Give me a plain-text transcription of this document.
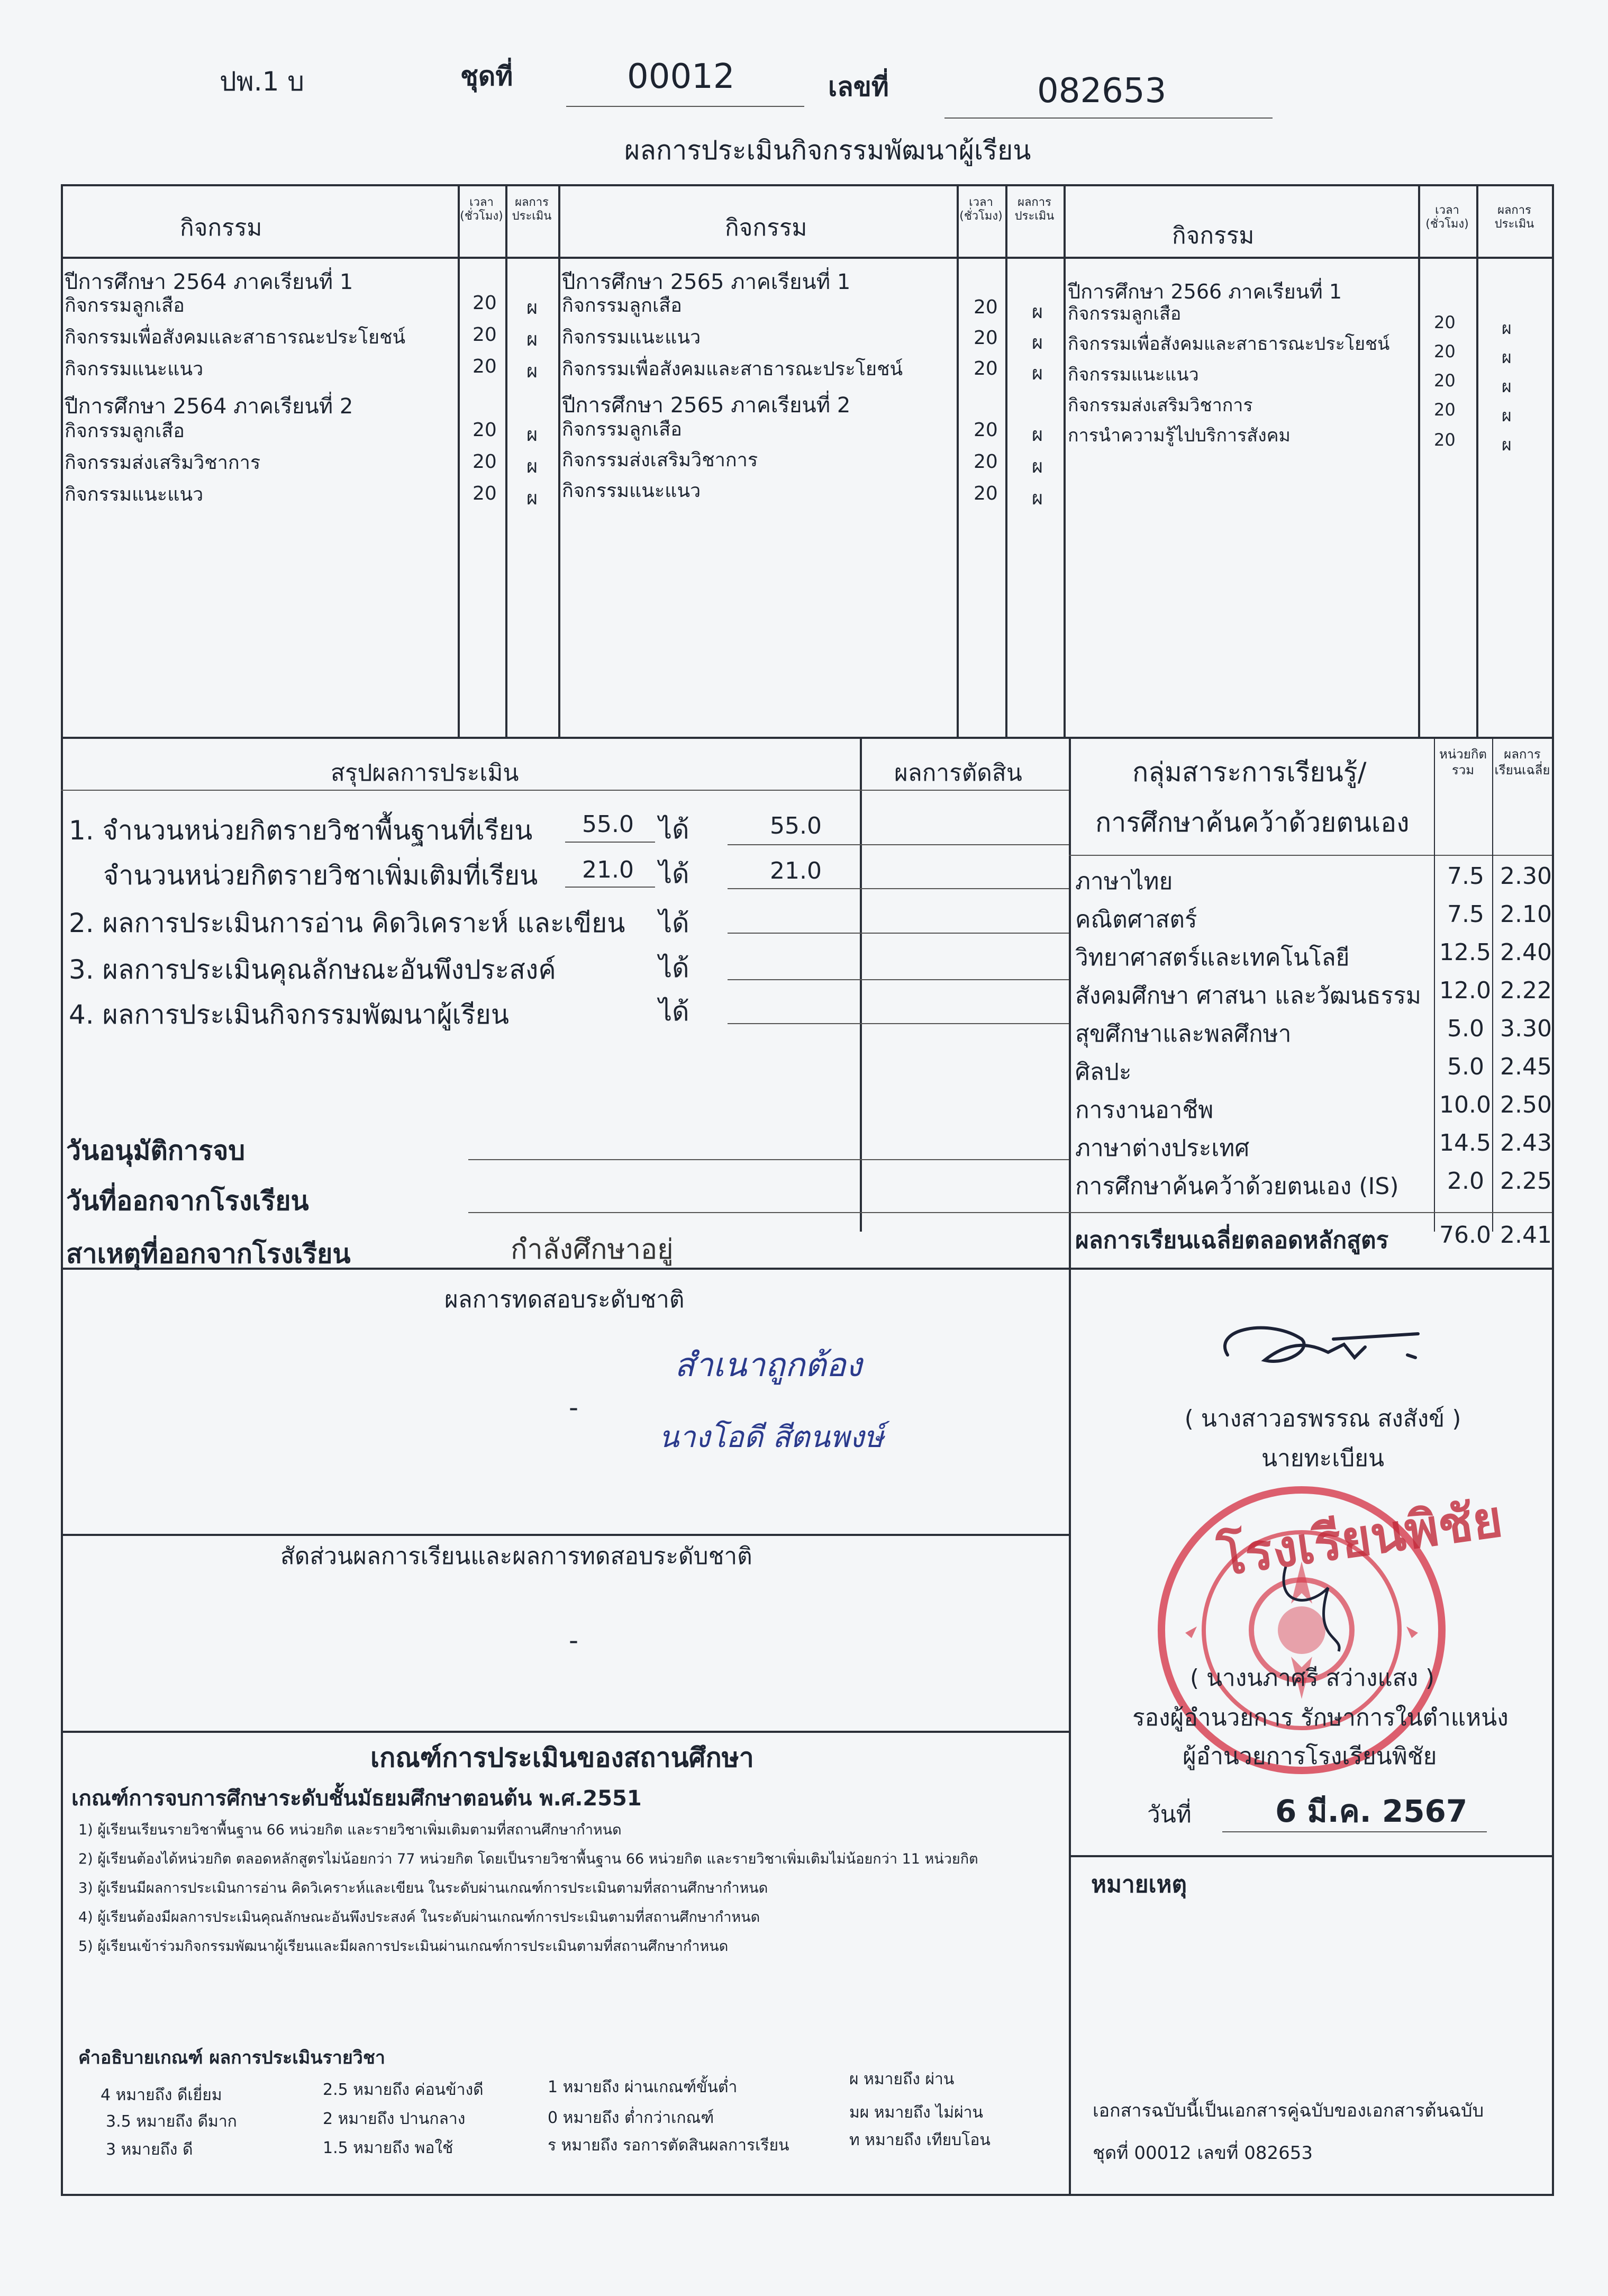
ปพ.1 บ	ชุดที่	00012	เลขที่	082653
ผลการประเมินกิจกรรมพัฒนาผู้เรียน
กิจกรรม
เวลา (ชั่วโมง)
ผลการประเมิน	กิจกรรม
เวลา (ชั่วโมง)
ผลการประเมิน
กิจกรรม
เวลา (ชั่วโมง)
ผลการประเมิน
ปีการศึกษา 2564 ภาคเรียนที่ 1
กิจกรรมลูกเสือ	20 ผ
กิจกรรมเพื่อสังคมและสาธารณะประโยชน์	20 ผ
กิจกรรมแนะแนว	20 ผ
ปีการศึกษา 2564 ภาคเรียนที่ 2
กิจกรรมลูกเสือ	20 ผ
กิจกรรมส่งเสริมวิชาการ	20 ผ
กิจกรรมแนะแนว	20 ผ
ปีการศึกษา 2565 ภาคเรียนที่ 1
กิจกรรมลูกเสือ	20 ผ
กิจกรรมแนะแนว	20 ผ
กิจกรรมเพื่อสังคมและสาธารณะประโยชน์	20 ผ
ปีการศึกษา 2565 ภาคเรียนที่ 2
กิจกรรมลูกเสือ	20 ผ
กิจกรรมส่งเสริมวิชาการ	20 ผ
กิจกรรมแนะแนว	20 ผ
ปีการศึกษา 2566 ภาคเรียนที่ 1
กิจกรรมลูกเสือ	20	ผ
กิจกรรมเพื่อสังคมและสาธารณะประโยชน์	20	ผ
กิจกรรมแนะแนว	20	ผ
กิจกรรมส่งเสริมวิชาการ	20	ผ
การนำความรู้ไปบริการสังคม	20	ผ
สรุปผลการประเมิน	ผลการตัดสิน
1. จำนวนหน่วยกิตรายวิชาพื้นฐานที่เรียน 55.0 ได้	55.0
จำนวนหน่วยกิตรายวิชาเพิ่มเติมที่เรียน 21.0 ได้	21.0
2. ผลการประเมินการอ่าน คิดวิเคราะห์ และเขียน ได้
3. ผลการประเมินคุณลักษณะอันพึงประสงค์	ได้
4. ผลการประเมินกิจกรรมพัฒนาผู้เรียน	ได้
วันอนุมัติการจบ
วันที่ออกจากโรงเรียน
สาเหตุที่ออกจากโรงเรียน	กำลังศึกษาอยู่
กลุ่มสาระการเรียนรู้/
การศึกษาค้นคว้าด้วยตนเอง
หน่วยกิต รวม
ผลการเรียนเฉลี่ย
ภาษาไทย	7.5 2.30
คณิตศาสตร์	7.5 2.10
วิทยาศาสตร์และเทคโนโลยี	12.5 2.40
สังคมศึกษา ศาสนา และวัฒนธรรม 12.0 2.22
สุขศึกษาและพลศึกษา	5.0 3.30
ศิลปะ	5.0 2.45
การงานอาชีพ	10.0 2.50
ภาษาต่างประเทศ	14.5 2.43
การศึกษาค้นคว้าด้วยตนเอง (IS) 2.0 2.25
ผลการเรียนเฉลี่ยตลอดหลักสูตร 76.0 2.41
ผลการทดสอบระดับชาติ
-
สำเนาถูกต้อง
นางโอดี สีตนพงษ์
สัดส่วนผลการเรียนและผลการทดสอบระดับชาติ
-
( นางสาวอรพรรณ สงสังข์ )
นายทะเบียน
โรงเรียนพิชัย
( นางนภาศรี สว่างแสง )
รองผู้อำนวยการ รักษาการในตำแหน่ง
ผู้อำนวยการโรงเรียนพิชัย
วันที่	6 มี.ค. 2567
เกณฑ์การประเมินของสถานศึกษา
เกณฑ์การจบการศึกษาระดับชั้นมัธยมศึกษาตอนต้น พ.ศ.2551
1) ผู้เรียนเรียนรายวิชาพื้นฐาน 66 หน่วยกิต และรายวิชาเพิ่มเติมตามที่สถานศึกษากำหนด
2) ผู้เรียนต้องได้หน่วยกิต ตลอดหลักสูตรไม่น้อยกว่า 77 หน่วยกิต โดยเป็นรายวิชาพื้นฐาน 66 หน่วยกิต และรายวิชาเพิ่มเติมไม่น้อยกว่า 11 หน่วยกิต
3) ผู้เรียนมีผลการประเมินการอ่าน คิดวิเคราะห์และเขียน ในระดับผ่านเกณฑ์การประเมินตามที่สถานศึกษากำหนด
4) ผู้เรียนต้องมีผลการประเมินคุณลักษณะอันพึงประสงค์ ในระดับผ่านเกณฑ์การประเมินตามที่สถานศึกษากำหนด
5) ผู้เรียนเข้าร่วมกิจกรรมพัฒนาผู้เรียนและมีผลการประเมินผ่านเกณฑ์การประเมินตามที่สถานศึกษากำหนด
คำอธิบายเกณฑ์ ผลการประเมินรายวิชา
4 หมายถึง ดีเยี่ยม	2.5 หมายถึง ค่อนข้างดี	1 หมายถึง ผ่านเกณฑ์ขั้นต่ำ	ผ หมายถึง ผ่าน
3.5 หมายถึง ดีมาก	2 หมายถึง ปานกลาง	0 หมายถึง ต่ำกว่าเกณฑ์	มผ หมายถึง ไม่ผ่าน
3 หมายถึง ดี	1.5 หมายถึง พอใช้	ร หมายถึง รอการตัดสินผลการเรียน	ท หมายถึง เทียบโอน
หมายเหตุ
เอกสารฉบับนี้เป็นเอกสารคู่ฉบับของเอกสารต้นฉบับ
ชุดที่ 00012 เลขที่ 082653
